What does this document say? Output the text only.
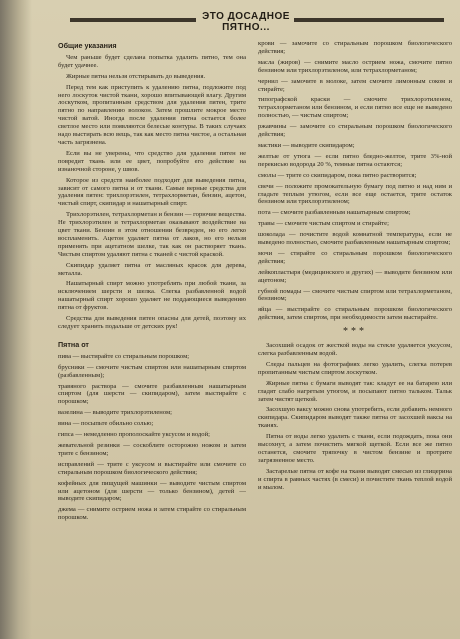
ЭТО ДОСАДНОЕ ПЯТНО...
Общие указания
Чем раньше будет сделана попытка удалить пятно, тем она будет удачнее.
Жирные пятна нельзя отстирывать до выведения.
Перед тем как приступить к удалению пятна, подложите под него лоскуток чистой ткани, хорошо впитывающей влагу. Другим лоскутком, пропитанным средством для удаления пятен, трите пятно по направлению волокон. Затем прошлите мокрое место чистой ватой. Иногда после удаления пятна остается более светлое место или появляются белесые контуры. В таких случаях надо выстирать всю вещь, так как место пятна чистое, а остальная часть загрязнена.
Если вы не уверены, что средство для удаления пятен не повредит ткань или ее цвет, попробуйте его действие на изнаночной стороне, у швов.
Которое из средств наиболее подходит для выведения пятна, зависит от самого пятна и от ткани. Самые верные средства для удаления пятен: трихлорэтилен, тетрахлорметан, бензин, ацетон, чистый спирт, скипидар и нашатырный спирт.
Трихлорэтилен, тетрахлорметан и бензин — горючие вещества. Не трихлорэтилен и тетрахлорметан оказывают воздействие на цвет ткани. Бензин в этом отношении безвреден, но его легко воспламенить. Ацетон удаляет пятна от лаков, но его нельзя применять при ацетатном шелке, так как он растворяет ткань. Чистым спиртом удаляют пятна с тканей с чистой краской.
Скипидар удаляет пятна от масляных красок для дерева, металла.
Нашатырный спирт можно употреблять при любой ткани, за исключением шерсти и шелка. Слегка разбавленной водой нашатырный спирт хорошо удаляет не поддающиеся выведению пятна от фруктов.
Средства для выведения пятен опасны для детей, поэтому их следует хранить подальше от детских рук!
Пятна от
пива — выстирайте со стиральным порошком;
брусники — смочите чистым спиртом или нашатырным спиртом (разбавленным);
травяного раствора — смочите разбавленным нашатырным спиртом (для шерсти — скипидаром), затем выстирайте с порошком;
вазелина — выводите трихлорэтиленом;
вина — посыпьте обильно солью;
гипса — немедленно прополоскайте уксусом и водой;
жевательной резинки — соскоблите осторожно ножом и затем трите с бензином;
исправлений — трите с уксусом и выстирайте или смочите со стиральным порошком биологического действия;
кофейных для пищущей машинки — выводите чистым спиртом или ацетоном (для шерсти — только бензином), детей — выводите скипидаром;
джема — снимите острием ножа и затем стирайте со стиральным порошком.
крови — замочите со стиральным порошком биологического действия;
масла (жиров) — снимите масло острием ножа, смочите пятно бензином или трихлорэтиленом, или тетрахлорметаном;
чернил — замочите в молоке, затем смочите лимонным соком и стирайте;
типографской краски — смочите трихлорэтиленом, тетрахлорметаном или бензином, и если пятно все еще не выведено полностью, — чистым спиртом;
ржавчины — замочите со стиральным порошком биологического действия;
мастики — выводите скипидаром;
желтые от утюга — если пятно бледно-желтое, трите 3%-ной перекисью водорода 20 %, темные пятна остаются;
смолы — трите со скипидаром, пока пятно растворится;
свечи — положите промокательную бумагу под пятно и над ним и гладьте теплым утюгом, если все еще остается, трите остаток бензином или трихлорэтиленом;
пота — смочите разбавленным нашатырным спиртом;
травы — смочите чистым спиртом и стирайте;
шоколада — почистите водой комнатной температуры, если не выведено полностью, смочите разбавленным нашатырным спиртом;
мочи — стирайте со стиральным порошком биологического действия;
лейкопластыря (медицинского и других) — выводите бензином или ацетоном;
губной помады — смочите чистым спиртом или тетрахлорметаном, бензином;
яйца — выстирайте со стиральным порошком биологического действия, затем спиртом, при необходимости затем выстирайте.
***
Засохший осадок от жесткой воды на стекле удаляется уксусом, слегка разбавленным водой.
Следы пальцев на фотографиях легко удалить, слегка потерев пропитанным чистым спиртом лоскутком.
Жирные пятна с бумаги выводят так: кладут ее на батарею или гладят слабо нагретым утюгом, и посыпают пятно тальком. Тальк затем чистят щеткой.
Засохшую ваксу можно снова употребить, если добавить немного скипидара. Скипидаром выводят также пятна от засохшей ваксы на тканях.
Пятна от воды легко удалить с ткани, если подождать, пока они высохнут, а затем почистить мягкой щеткой. Если все же пятно останется, смочите тряпочку в чистом бензине и протрите загрязненное место.
Застарелые пятна от кофе на ткани выводят смесью из глицерина и спирта в равных частях (в смеси) и почистите ткань теплой водой и мылом.
